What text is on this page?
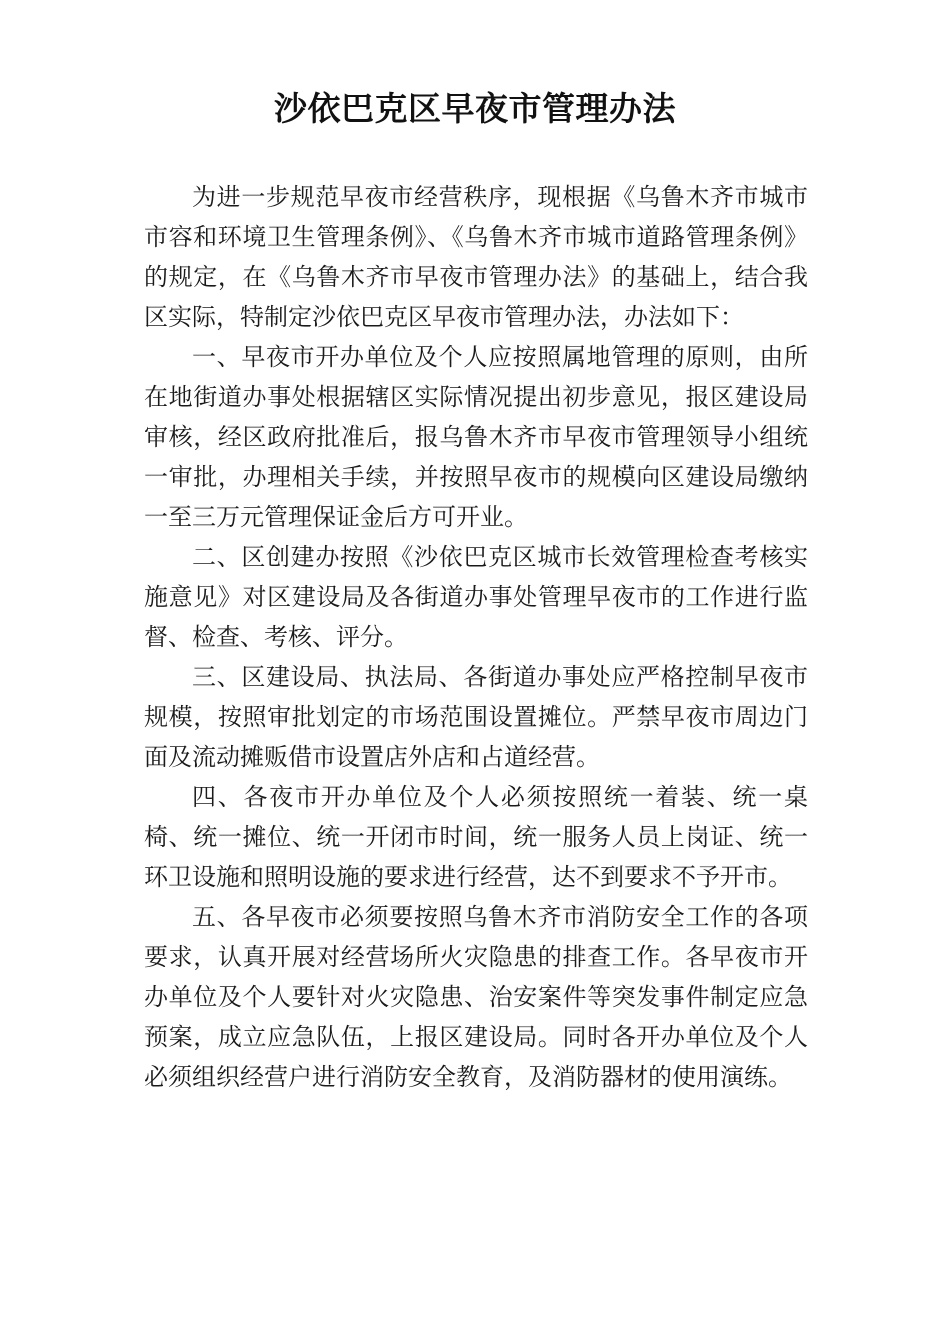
沙依巴克区早夜市管理办法

为进一步规范早夜市经营秩序，现根据《乌鲁木齐市城市市容和环境卫生管理条例》、《乌鲁木齐市城市道路管理条例》的规定，在《乌鲁木齐市早夜市管理办法》的基础上，结合我区实际，特制定沙依巴克区早夜市管理办法，办法如下：

一、早夜市开办单位及个人应按照属地管理的原则，由所在地街道办事处根据辖区实际情况提出初步意见，报区建设局审核，经区政府批准后，报乌鲁木齐市早夜市管理领导小组统一审批，办理相关手续，并按照早夜市的规模向区建设局缴纳一至三万元管理保证金后方可开业。

二、区创建办按照《沙依巴克区城市长效管理检查考核实施意见》对区建设局及各街道办事处管理早夜市的工作进行监督、检查、考核、评分。

三、区建设局、执法局、各街道办事处应严格控制早夜市规模，按照审批划定的市场范围设置摊位。严禁早夜市周边门面及流动摊贩借市设置店外店和占道经营。

四、各夜市开办单位及个人必须按照统一着装、统一桌椅、统一摊位、统一开闭市时间，统一服务人员上岗证、统一环卫设施和照明设施的要求进行经营，达不到要求不予开市。

五、各早夜市必须要按照乌鲁木齐市消防安全工作的各项要求，认真开展对经营场所火灾隐患的排查工作。各早夜市开办单位及个人要针对火灾隐患、治安案件等突发事件制定应急预案，成立应急队伍，上报区建设局。同时各开办单位及个人必须组织经营户进行消防安全教育，及消防器材的使用演练。
